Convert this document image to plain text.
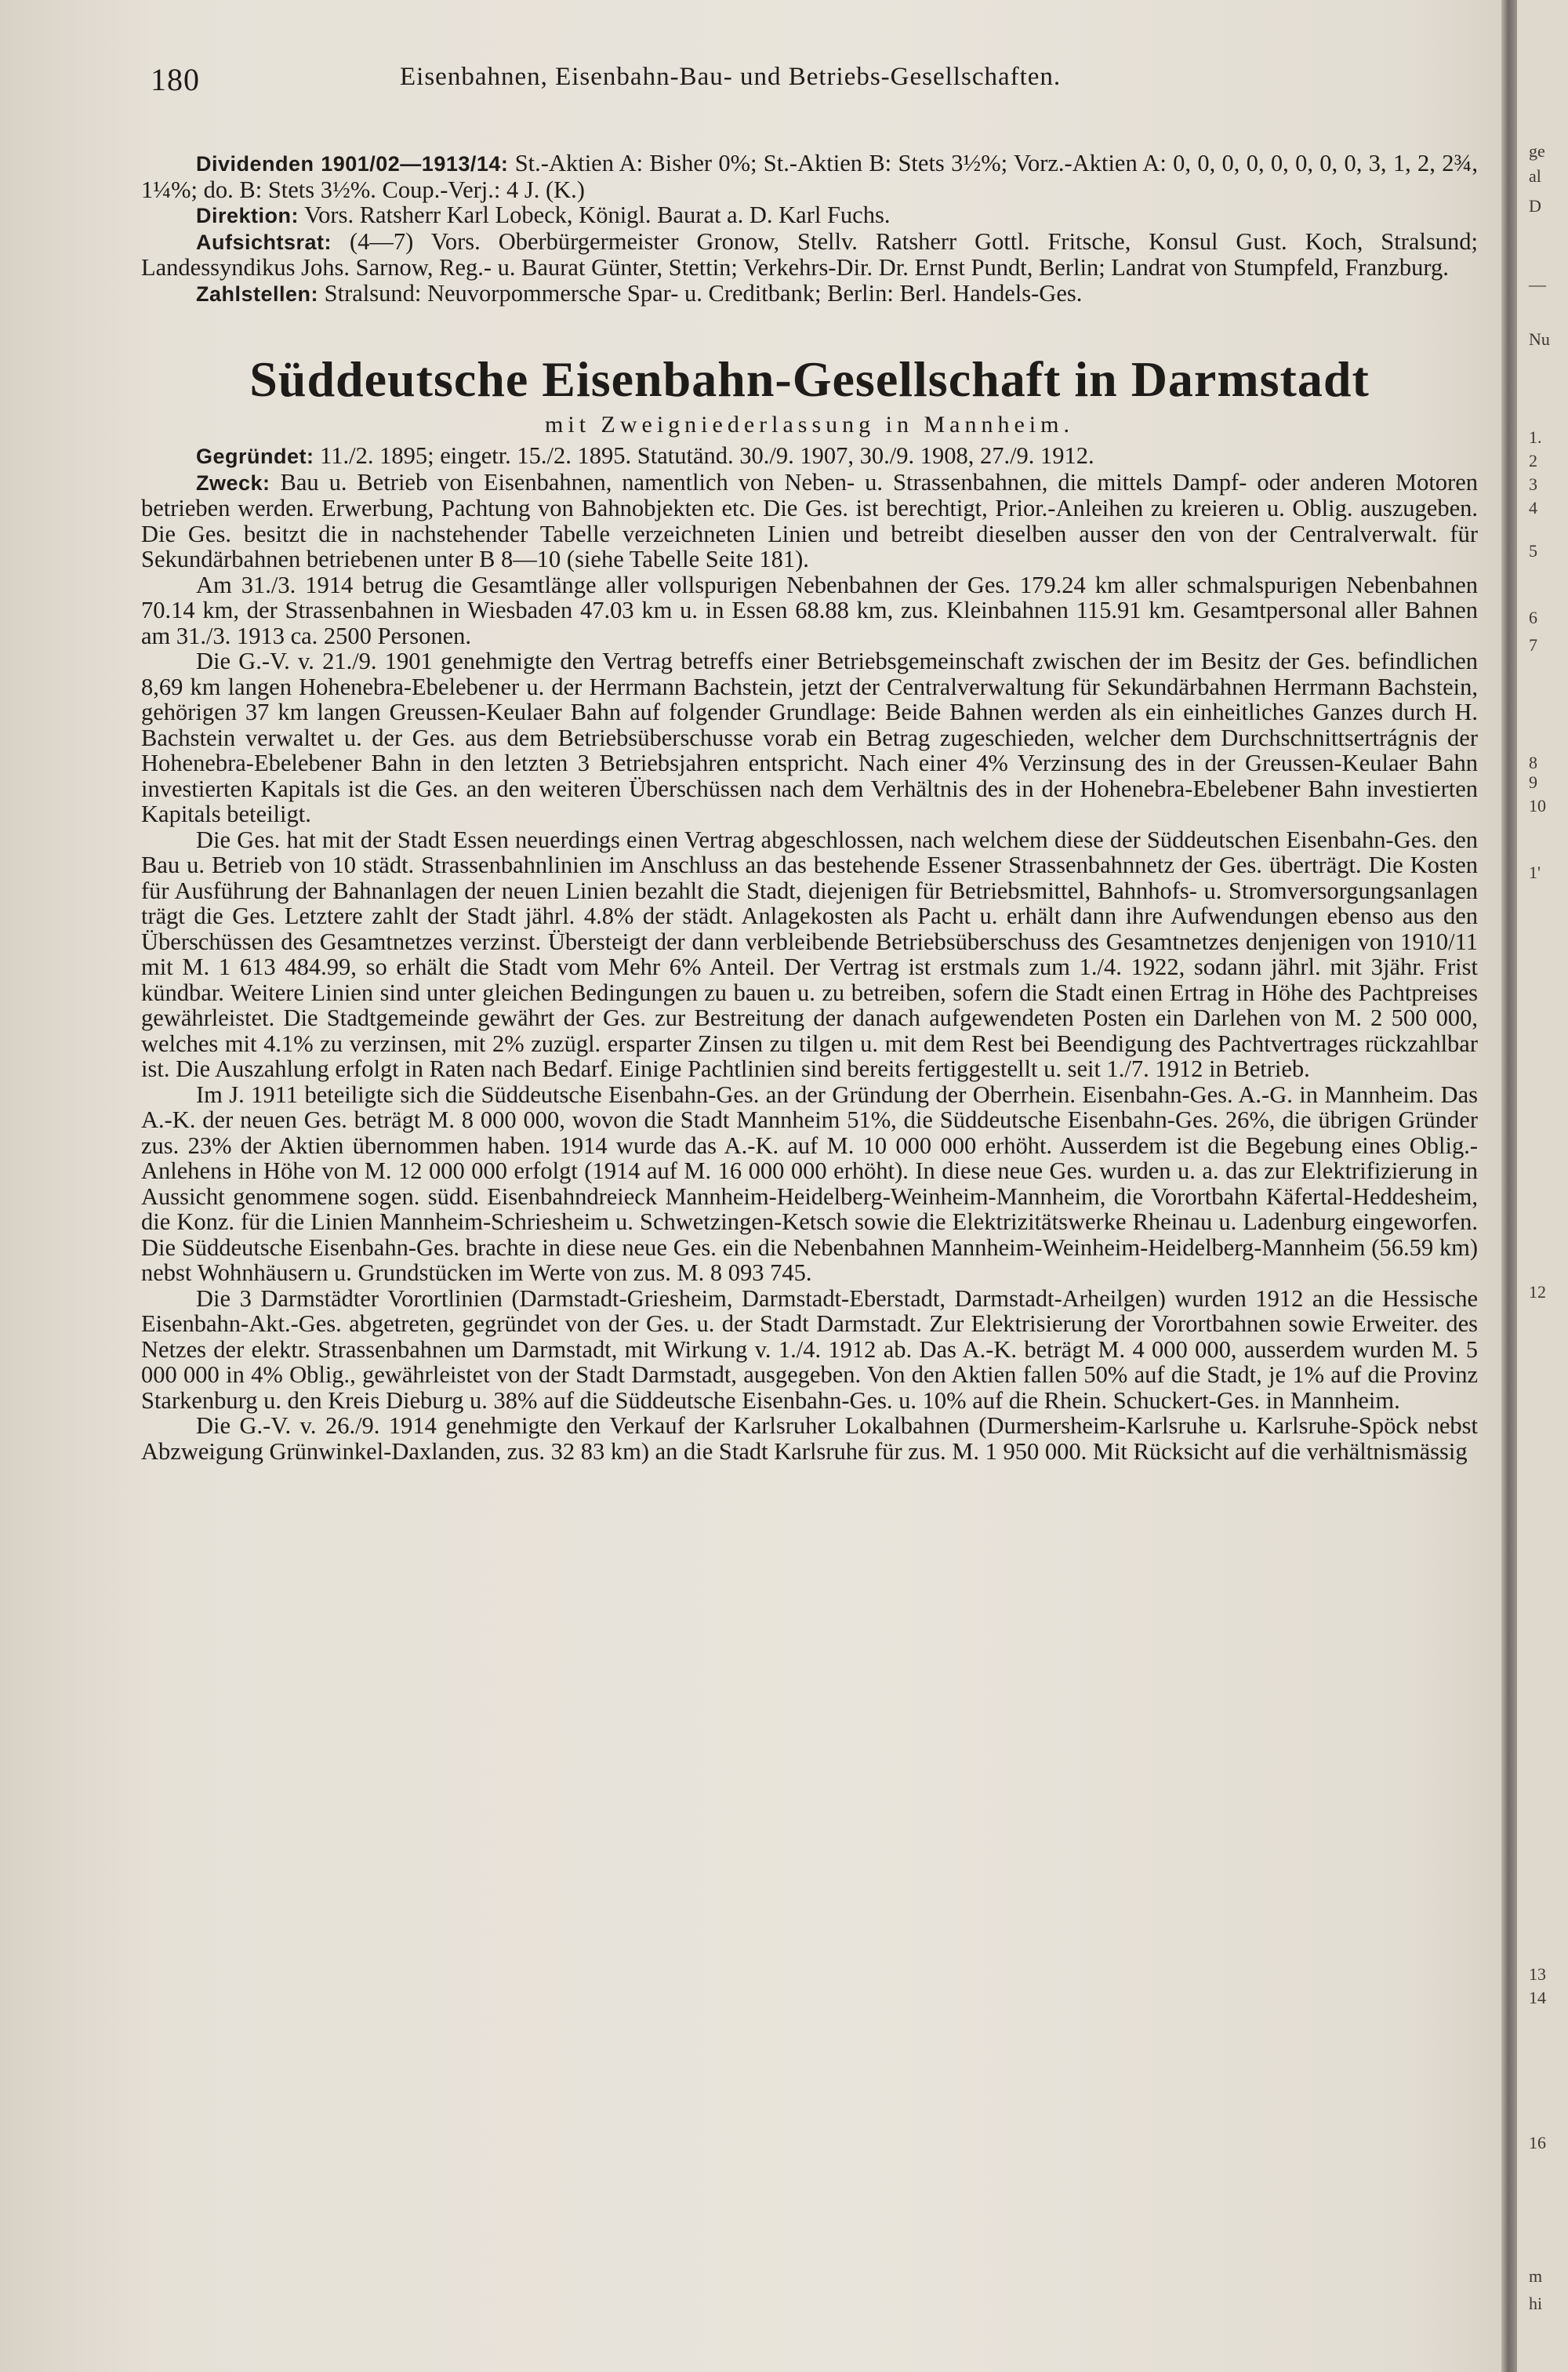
ge
al
D
—
Nu
1.
2
3
4
5
6
7
8
9
10
1'
12
13
14
16
m
hi
180	Eisenbahnen, Eisenbahn-Bau- und Betriebs-Gesellschaften.

Dividenden 1901/02—1913/14: St.-Aktien A: Bisher 0%; St.-Aktien B: Stets 3½%; Vorz.-Aktien A: 0, 0, 0, 0, 0, 0, 0, 0, 3, 1, 2, 2¾, 1¼%; do. B: Stets 3½%. Coup.-Verj.: 4 J. (K.)

Direktion: Vors. Ratsherr Karl Lobeck, Königl. Baurat a. D. Karl Fuchs.

Aufsichtsrat: (4—7) Vors. Oberbürgermeister Gronow, Stellv. Ratsherr Gottl. Fritsche, Konsul Gust. Koch, Stralsund; Landessyndikus Johs. Sarnow, Reg.- u. Baurat Günter, Stettin; Verkehrs-Dir. Dr. Ernst Pundt, Berlin; Landrat von Stumpfeld, Franzburg.

Zahlstellen: Stralsund: Neuvorpommersche Spar- u. Creditbank; Berlin: Berl. Handels-Ges.

Süddeutsche Eisenbahn-Gesellschaft in Darmstadt
mit Zweigniederlassung in Mannheim.

Gegründet: 11./2. 1895; eingetr. 15./2. 1895. Statutänd. 30./9. 1907, 30./9. 1908, 27./9. 1912.

Zweck: Bau u. Betrieb von Eisenbahnen, namentlich von Neben- u. Strassenbahnen, die mittels Dampf- oder anderen Motoren betrieben werden. Erwerbung, Pachtung von Bahnobjekten etc. Die Ges. ist berechtigt, Prior.-Anleihen zu kreieren u. Oblig. auszugeben. Die Ges. besitzt die in nachstehender Tabelle verzeichneten Linien und betreibt dieselben ausser den von der Centralverwalt. für Sekundärbahnen betriebenen unter B 8—10 (siehe Tabelle Seite 181).

Am 31./3. 1914 betrug die Gesamtlänge aller vollspurigen Nebenbahnen der Ges. 179.24 km aller schmalspurigen Nebenbahnen 70.14 km, der Strassenbahnen in Wiesbaden 47.03 km u. in Essen 68.88 km, zus. Kleinbahnen 115.91 km. Gesamtpersonal aller Bahnen am 31./3. 1913 ca. 2500 Personen.

Die G.-V. v. 21./9. 1901 genehmigte den Vertrag betreffs einer Betriebsgemeinschaft zwischen der im Besitz der Ges. befindlichen 8,69 km langen Hohenebra-Ebelebener u. der Herrmann Bachstein, jetzt der Centralverwaltung für Sekundärbahnen Herrmann Bachstein, gehörigen 37 km langen Greussen-Keulaer Bahn auf folgender Grundlage: Beide Bahnen werden als ein einheitliches Ganzes durch H. Bachstein verwaltet u. der Ges. aus dem Betriebsüberschusse vorab ein Betrag zugeschieden, welcher dem Durchschnittsertrágnis der Hohenebra-Ebelebener Bahn in den letzten 3 Betriebsjahren entspricht. Nach einer 4% Verzinsung des in der Greussen-Keulaer Bahn investierten Kapitals ist die Ges. an den weiteren Überschüssen nach dem Verhältnis des in der Hohenebra-Ebelebener Bahn investierten Kapitals beteiligt.

Die Ges. hat mit der Stadt Essen neuerdings einen Vertrag abgeschlossen, nach welchem diese der Süddeutschen Eisenbahn-Ges. den Bau u. Betrieb von 10 städt. Strassenbahnlinien im Anschluss an das bestehende Essener Strassenbahnnetz der Ges. überträgt. Die Kosten für Ausführung der Bahnanlagen der neuen Linien bezahlt die Stadt, diejenigen für Betriebsmittel, Bahnhofs- u. Stromversorgungsanlagen trägt die Ges. Letztere zahlt der Stadt jährl. 4.8% der städt. Anlagekosten als Pacht u. erhält dann ihre Aufwendungen ebenso aus den Überschüssen des Gesamtnetzes verzinst. Übersteigt der dann verbleibende Betriebsüberschuss des Gesamtnetzes denjenigen von 1910/11 mit M. 1 613 484.99, so erhält die Stadt vom Mehr 6% Anteil. Der Vertrag ist erstmals zum 1./4. 1922, sodann jährl. mit 3jähr. Frist kündbar. Weitere Linien sind unter gleichen Bedingungen zu bauen u. zu betreiben, sofern die Stadt einen Ertrag in Höhe des Pachtpreises gewährleistet. Die Stadtgemeinde gewährt der Ges. zur Bestreitung der danach aufgewendeten Posten ein Darlehen von M. 2 500 000, welches mit 4.1% zu verzinsen, mit 2% zuzügl. ersparter Zinsen zu tilgen u. mit dem Rest bei Beendigung des Pachtvertrages rückzahlbar ist. Die Auszahlung erfolgt in Raten nach Bedarf. Einige Pachtlinien sind bereits fertiggestellt u. seit 1./7. 1912 in Betrieb.

Im J. 1911 beteiligte sich die Süddeutsche Eisenbahn-Ges. an der Gründung der Oberrhein. Eisenbahn-Ges. A.-G. in Mannheim. Das A.-K. der neuen Ges. beträgt M. 8 000 000, wovon die Stadt Mannheim 51%, die Süddeutsche Eisenbahn-Ges. 26%, die übrigen Gründer zus. 23% der Aktien übernommen haben. 1914 wurde das A.-K. auf M. 10 000 000 erhöht. Ausserdem ist die Begebung eines Oblig.-Anlehens in Höhe von M. 12 000 000 erfolgt (1914 auf M. 16 000 000 erhöht). In diese neue Ges. wurden u. a. das zur Elektrifizierung in Aussicht genommene sogen. südd. Eisenbahndreieck Mannheim-Heidelberg-Weinheim-Mannheim, die Vorortbahn Käfertal-Heddesheim, die Konz. für die Linien Mannheim-Schriesheim u. Schwetzingen-Ketsch sowie die Elektrizitätswerke Rheinau u. Ladenburg eingeworfen. Die Süddeutsche Eisenbahn-Ges. brachte in diese neue Ges. ein die Nebenbahnen Mannheim-Weinheim-Heidelberg-Mannheim (56.59 km) nebst Wohnhäusern u. Grundstücken im Werte von zus. M. 8 093 745.

Die 3 Darmstädter Vorortlinien (Darmstadt-Griesheim, Darmstadt-Eberstadt, Darmstadt-Arheilgen) wurden 1912 an die Hessische Eisenbahn-Akt.-Ges. abgetreten, gegründet von der Ges. u. der Stadt Darmstadt. Zur Elektrisierung der Vorortbahnen sowie Erweiter. des Netzes der elektr. Strassenbahnen um Darmstadt, mit Wirkung v. 1./4. 1912 ab. Das A.-K. beträgt M. 4 000 000, ausserdem wurden M. 5 000 000 in 4% Oblig., gewährleistet von der Stadt Darmstadt, ausgegeben. Von den Aktien fallen 50% auf die Stadt, je 1% auf die Provinz Starkenburg u. den Kreis Dieburg u. 38% auf die Süddeutsche Eisenbahn-Ges. u. 10% auf die Rhein. Schuckert-Ges. in Mannheim.

Die G.-V. v. 26./9. 1914 genehmigte den Verkauf der Karlsruher Lokalbahnen (Durmersheim-Karlsruhe u. Karlsruhe-Spöck nebst Abzweigung Grünwinkel-Daxlanden, zus. 32 83 km) an die Stadt Karlsruhe für zus. M. 1 950 000. Mit Rücksicht auf die verhältnismässig
